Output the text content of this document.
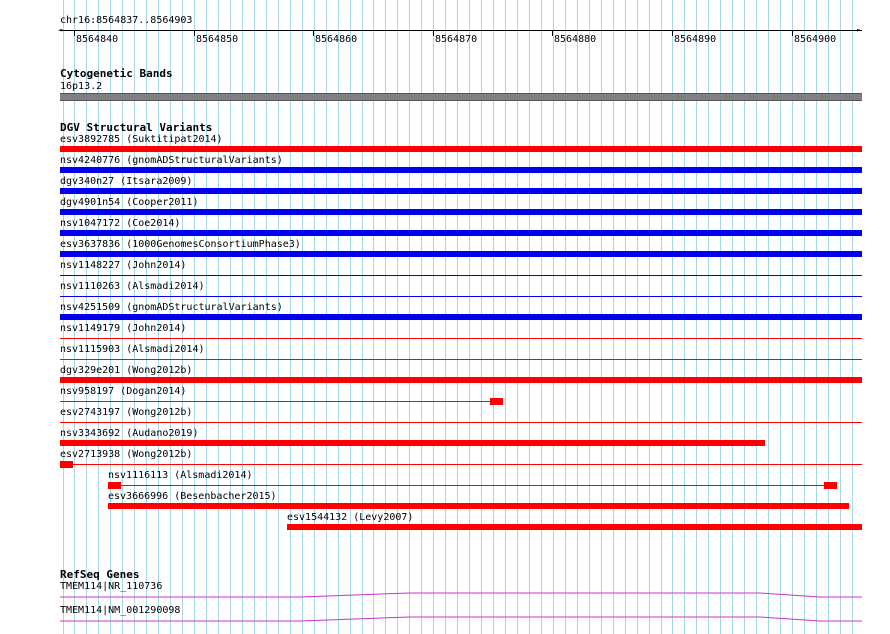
chr16:8564837..8564903
◄	►
8564840	8564850	8564860	8564870	8564880	8564890	8564900
Cytogenetic Bands
16p13.2
DGV Structural Variants
esv3892785 (Suktitipat2014)
nsv4240776 (gnomADStructuralVariants)
dgv340n27 (Itsara2009)
dgv4901n54 (Cooper2011)
nsv1047172 (Coe2014)
esv3637836 (1000GenomesConsortiumPhase3)
nsv1148227 (John2014)
nsv1110263 (Alsmadi2014)
nsv4251509 (gnomADStructuralVariants)
nsv1149179 (John2014)
nsv1115903 (Alsmadi2014)
dgv329e201 (Wong2012b)
nsv958197 (Dogan2014)
esv2743197 (Wong2012b)
nsv3343692 (Audano2019)
esv2713938 (Wong2012b)
nsv1116113 (Alsmadi2014)
esv3666996 (Besenbacher2015)
esv1544132 (Levy2007)
RefSeq Genes
TMEM114|NR_110736
TMEM114|NM_001290098
